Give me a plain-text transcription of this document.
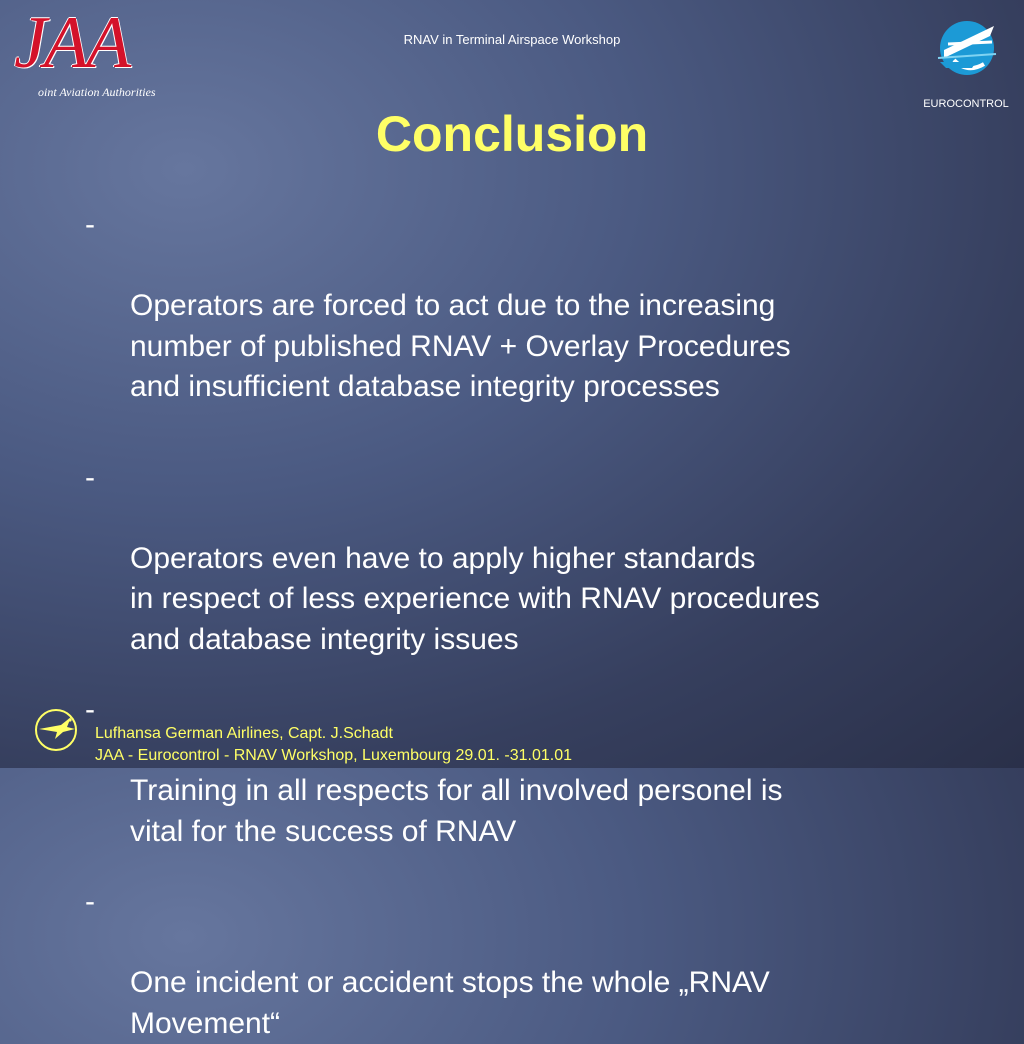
RNAV in Terminal Airspace Workshop
JAA
oint Aviation Authorities
EUROCONTROL
Conclusion

-

Operators are forced to act due to the increasing
number of published RNAV + Overlay Procedures
and insufficient database integrity processes

-

Operators even have to apply higher standards
in respect of less experience with RNAV procedures
and database integrity issues

-

Training in all respects for all involved personel is
vital for the success of RNAV

-

One incident or accident stops the whole „RNAV
Movement“

Lufhansa German Airlines, Capt. J.Schadt
JAA - Eurocontrol - RNAV Workshop, Luxembourg 29.01. -31.01.01
